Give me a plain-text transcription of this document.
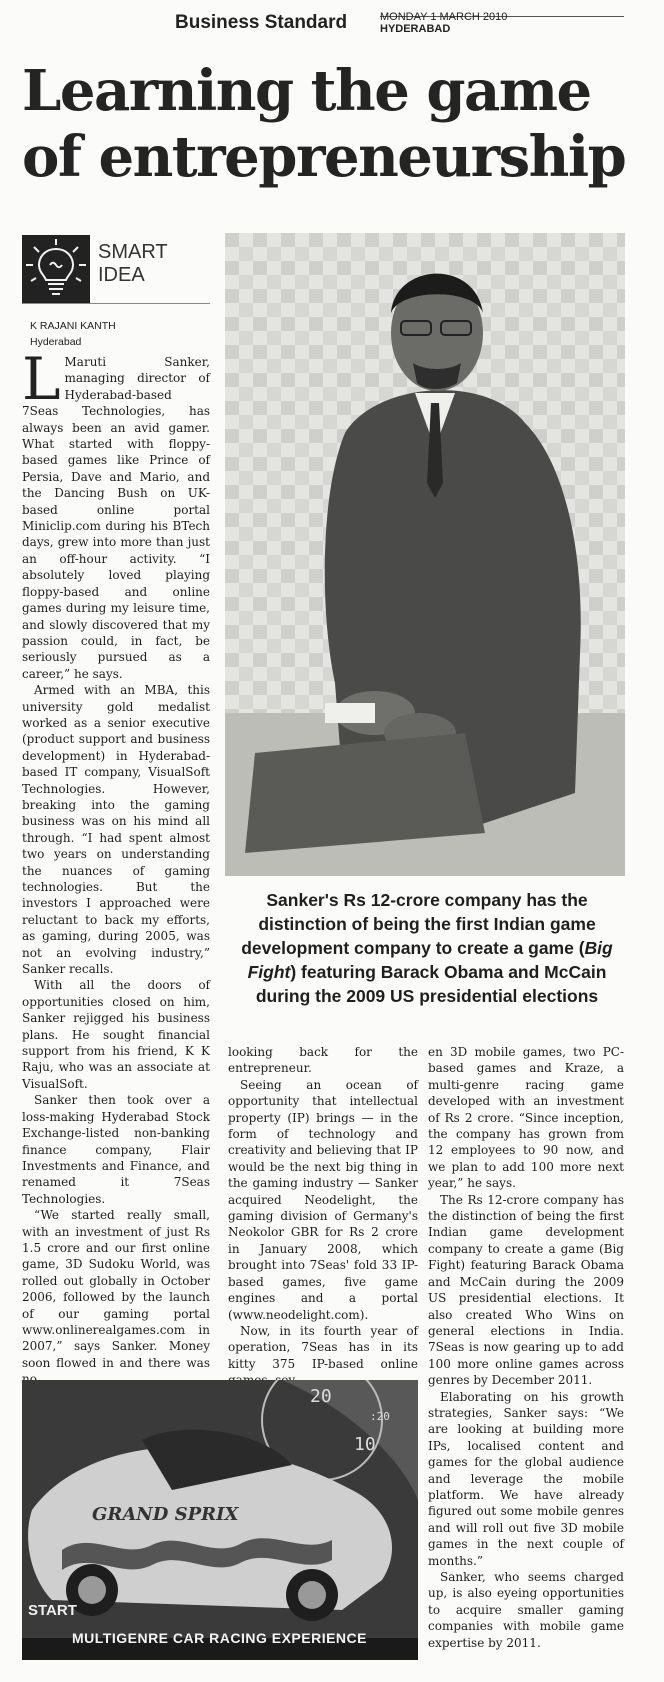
Business Standard	MONDAY 1 MARCH 2010
HYDERABAD
Learning the game of entrepreneurship
SMART
IDEA
K RAJANI KANTH
Hyderabad

L Maruti Sanker, managing director of Hyderabad-based 7Seas Technologies, has always been an avid gamer. What started with floppy-based games like Prince of Persia, Dave and Mario, and the Dancing Bush on UK-based online portal Miniclip.com during his BTech days, grew into more than just an off-hour activity. “I absolutely loved playing floppy-based and online games during my leisure time, and slowly discovered that my passion could, in fact, be seriously pursued as a career,” he says.

Armed with an MBA, this university gold medalist worked as a senior executive (product support and business development) in Hyderabad-based IT company, VisualSoft Technologies. However, breaking into the gaming business was on his mind all through. “I had spent almost two years on understanding the nuances of gaming technologies. But the investors I approached were reluctant to back my efforts, as gaming, during 2005, was not an evolving industry,” Sanker recalls.

With all the doors of opportunities closed on him, Sanker rejigged his business plans. He sought financial support from his friend, K K Raju, who was an associate at VisualSoft.

Sanker then took over a loss-making Hyderabad Stock Exchange-listed non-banking finance company, Flair Investments and Finance, and renamed it 7Seas Technologies.

“We started really small, with an investment of just Rs 1.5 crore and our first online game, 3D Sudoku World, was rolled out globally in October 2006, followed by the launch of our gaming portal www.onlinerealgames.com in 2007,” says Sanker. Money soon flowed in and there was

Sanker's Rs 12-crore company has the distinction of being the first Indian game development company to create a game (Big Fight) featuring Barack Obama and McCain during the 2009 US presidential elections

looking back for the entrepreneur.

Seeing an ocean of opportunity that intellectual property (IP) brings — in the form of technology and creativity and believing that IP would be the next big thing in the gaming industry — Sanker acquired Neodelight, the gaming division of Germany's Neokolor GBR for Rs 2 crore in January 2008, which brought into 7Seas' fold 33 IP-based games, five game engines and a portal (www.neodelight.com).

Now, in its fourth year of operation, 7Seas has in its kitty 375 IP-based online

en 3D mobile games, two PC-based games and Kraze, a multi-genre racing game developed with an investment of Rs 2 crore. “Since inception, the company has grown from 12 employees to 90 now, and we plan to add 100 more next year,” he says.

The Rs 12-crore company has the distinction of being the first Indian game development company to create a game (Big Fight) featuring Barack Obama and McCain during the 2009 US presidential elections. It also created Who Wins on general elections in India. 7Seas is now gearing up to add 100 more online games across genres by December 2011.

Elaborating on his growth strategies, Sanker says: “We are looking at building more IPs, localised content and games for the global audience and leverage the mobile platform. We have already figured out some mobile genres and will roll out five 3D mobile games in the next couple of months.”

Sanker, who seems charged up, is also eyeing opportunities to acquire smaller gaming companies with mobile game expertise by 2011.

20
10
:20
GRAND SPRIX
START
MULTIGENRE CAR RACING EXPERIENCE
